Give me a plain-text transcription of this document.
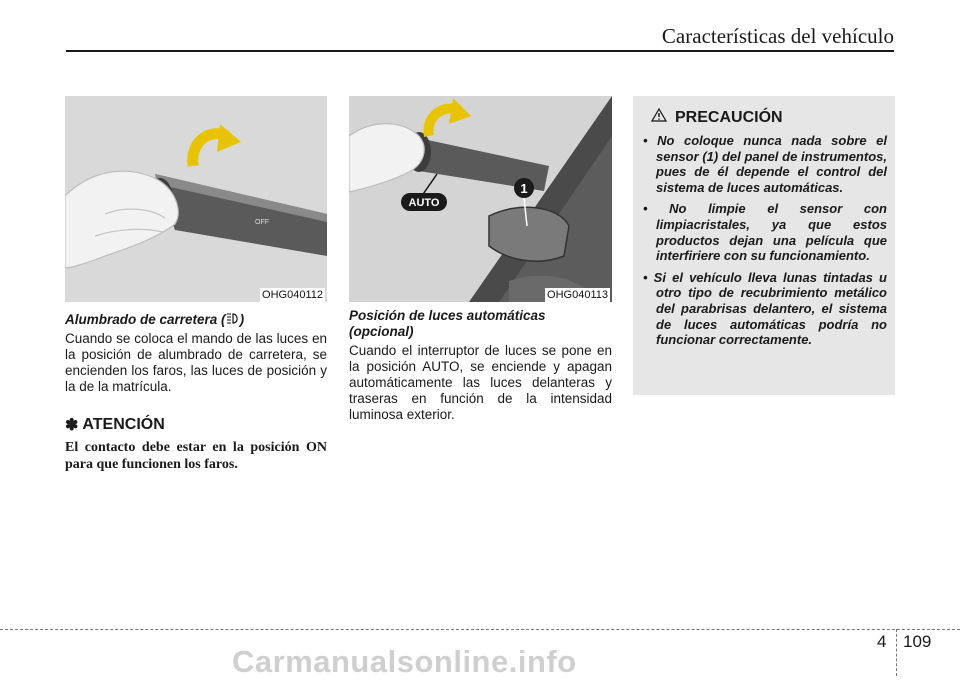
Características del vehículo
OFF
OHG040112
AUTO
1
OHG040113

Alumbrado de carretera ( )

Cuando se coloca el mando de las luces en la posición de alumbrado de carretera, se encienden los faros, las luces de posición y la de la matrícula.

✽ ATENCIÓN
El contacto debe estar en la posición ON para que funcionen los faros.

Posición de luces automáticas (opcional)

Cuando el interruptor de luces se pone en la posición AUTO, se enciende y apagan automáticamente las luces delanteras y traseras en función de la intensidad luminosa exterior.

PRECAUCIÓN
• No coloque nunca nada sobre el sensor (1) del panel de instrumentos, pues de él depende el control del sistema de luces automáticas.
• No limpie el sensor con limpiacristales, ya que estos productos dejan una película que interfiriere con su funcionamiento.
• Si el vehículo lleva lunas tintadas u otro tipo de recubrimiento metálico del parabrisas delantero, el sistema de luces automáticas podría no funcionar correctamente.
4 109
Carmanualsonline.info
